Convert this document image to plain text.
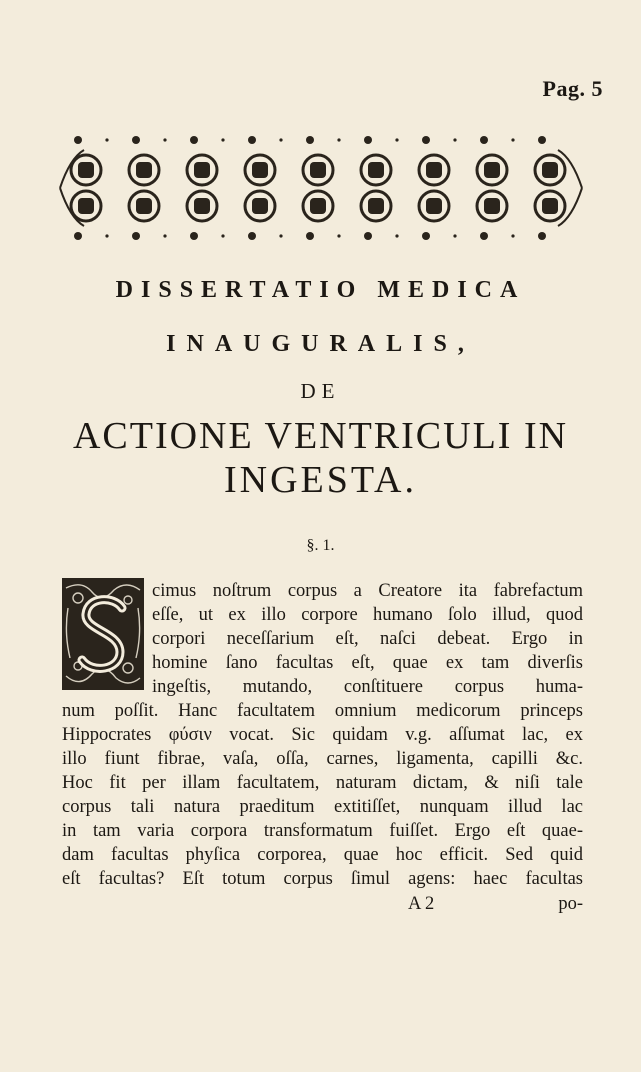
Pag. 5
DISSERTATIO MEDICA
INAUGURALIS,
DE
ACTIONE VENTRICULI IN
INGESTA.
§. 1.
cimus noſtrum corpus a Creatore ita fabrefactum
eſſe, ut ex illo corpore humano ſolo illud, quod
corpori neceſſarium eſt, naſci debeat. Ergo in
homine ſano facultas eſt, quae ex tam diverſis
ingeſtis, mutando, conſtituere corpus huma-
num poſſit. Hanc facultatem omnium medicorum princeps
Hippocrates φύσιν vocat. Sic quidam v.g. aſſumat lac, ex
illo fiunt fibrae, vaſa, oſſa, carnes, ligamenta, capilli &c.
Hoc fit per illam facultatem, naturam dictam, & niſi tale
corpus tali natura praeditum extitiſſet, nunquam illud lac
in tam varia corpora transformatum fuiſſet. Ergo eſt quae-
dam facultas phyſica corporea, quae hoc efficit. Sed quid
eſt facultas? Eſt totum corpus ſimul agens: haec facultas
A 2	po-
